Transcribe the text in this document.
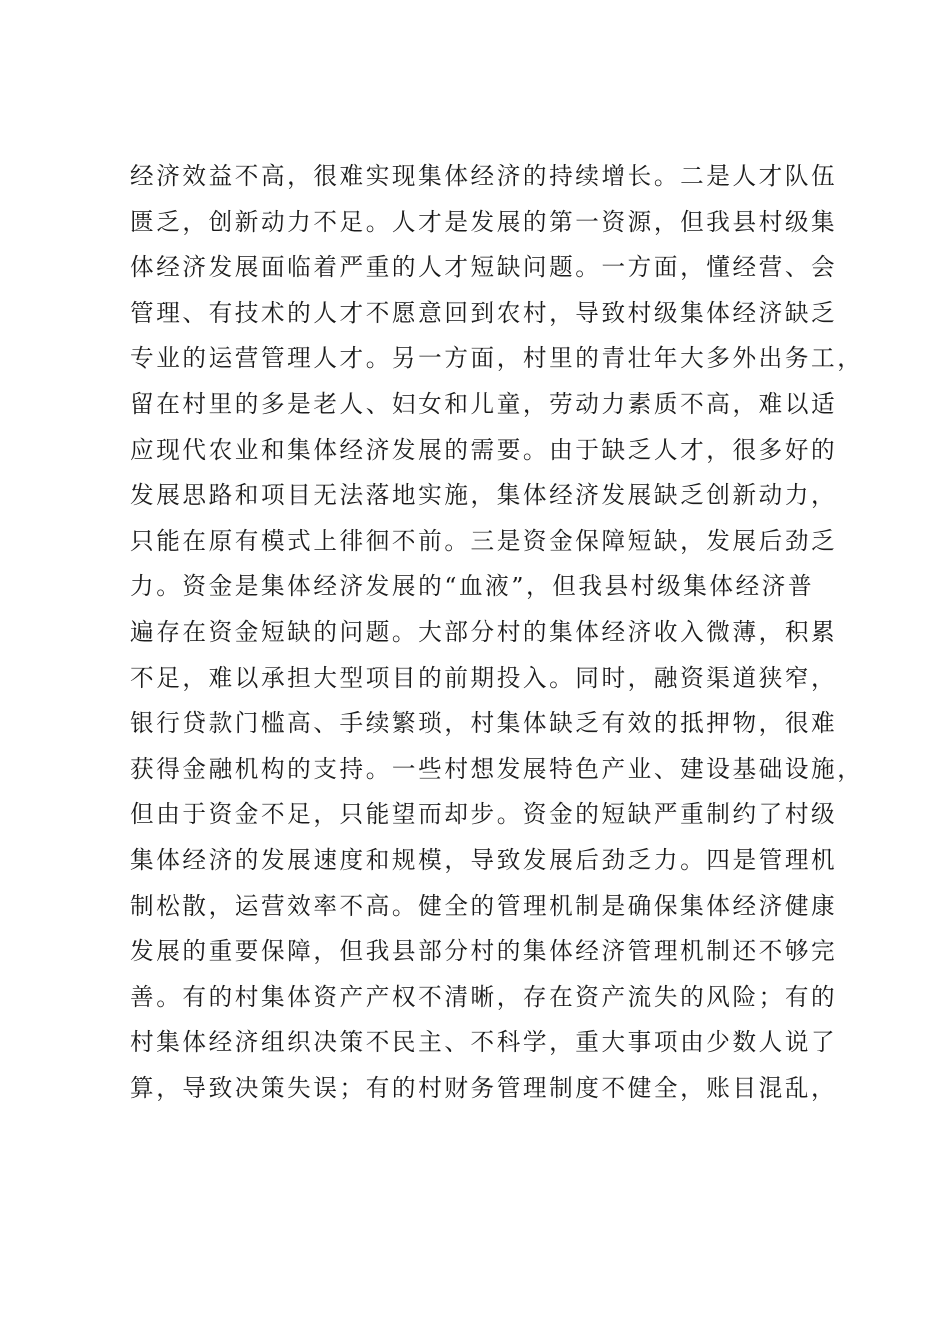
经济效益不高，很难实现集体经济的持续增长。二是人才队伍
匮乏，创新动力不足。人才是发展的第一资源，但我县村级集
体经济发展面临着严重的人才短缺问题。一方面，懂经营、会
管理、有技术的人才不愿意回到农村，导致村级集体经济缺乏
专业的运营管理人才。另一方面，村里的青壮年大多外出务工，
留在村里的多是老人、妇女和儿童，劳动力素质不高，难以适
应现代农业和集体经济发展的需要。由于缺乏人才，很多好的
发展思路和项目无法落地实施，集体经济发展缺乏创新动力，
只能在原有模式上徘徊不前。三是资金保障短缺，发展后劲乏
力。资金是集体经济发展的“血液”，但我县村级集体经济普
遍存在资金短缺的问题。大部分村的集体经济收入微薄，积累
不足，难以承担大型项目的前期投入。同时，融资渠道狭窄，
银行贷款门槛高、手续繁琐，村集体缺乏有效的抵押物，很难
获得金融机构的支持。一些村想发展特色产业、建设基础设施，
但由于资金不足，只能望而却步。资金的短缺严重制约了村级
集体经济的发展速度和规模，导致发展后劲乏力。四是管理机
制松散，运营效率不高。健全的管理机制是确保集体经济健康
发展的重要保障，但我县部分村的集体经济管理机制还不够完
善。有的村集体资产产权不清晰，存在资产流失的风险；有的
村集体经济组织决策不民主、不科学，重大事项由少数人说了
算，导致决策失误；有的村财务管理制度不健全，账目混乱，
